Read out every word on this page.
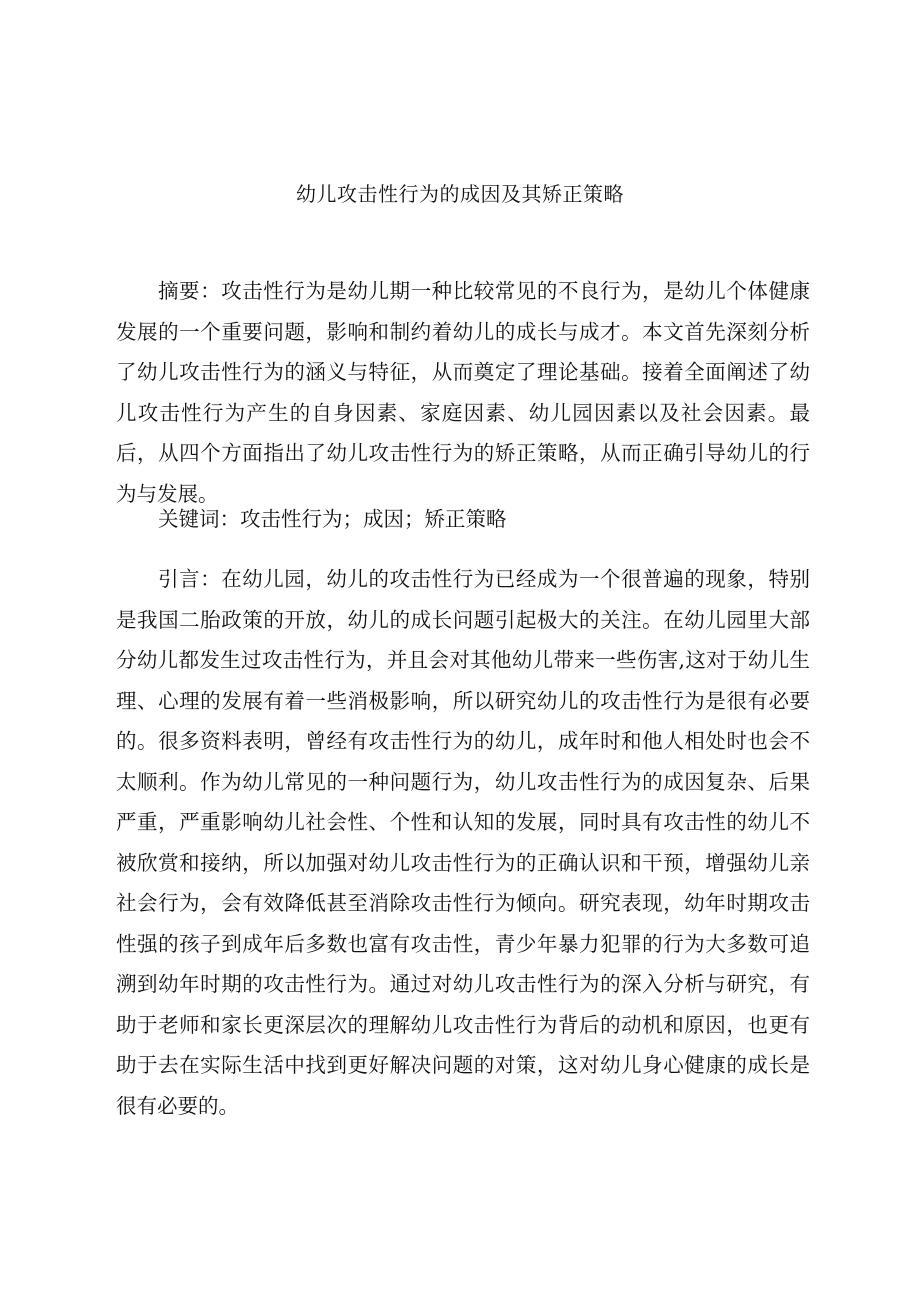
幼儿攻击性行为的成因及其矫正策略

摘要：攻击性行为是幼儿期一种比较常见的不良行为，是幼儿个体健康发展的一个重要问题，影响和制约着幼儿的成长与成才。本文首先深刻分析了幼儿攻击性行为的涵义与特征，从而奠定了理论基础。接着全面阐述了幼儿攻击性行为产生的自身因素、家庭因素、幼儿园因素以及社会因素。最后，从四个方面指出了幼儿攻击性行为的矫正策略，从而正确引导幼儿的行为与发展。

关键词：攻击性行为；成因；矫正策略

引言：在幼儿园，幼儿的攻击性行为已经成为一个很普遍的现象，特别是我国二胎政策的开放，幼儿的成长问题引起极大的关注。在幼儿园里大部分幼儿都发生过攻击性行为，并且会对其他幼儿带来一些伤害,这对于幼儿生理、心理的发展有着一些消极影响，所以研究幼儿的攻击性行为是很有必要的。很多资料表明，曾经有攻击性行为的幼儿，成年时和他人相处时也会不太顺利。作为幼儿常见的一种问题行为，幼儿攻击性行为的成因复杂、后果严重，严重影响幼儿社会性、个性和认知的发展，同时具有攻击性的幼儿不被欣赏和接纳，所以加强对幼儿攻击性行为的正确认识和干预，增强幼儿亲社会行为，会有效降低甚至消除攻击性行为倾向。研究表现，幼年时期攻击性强的孩子到成年后多数也富有攻击性，青少年暴力犯罪的行为大多数可追溯到幼年时期的攻击性行为。通过对幼儿攻击性行为的深入分析与研究，有助于老师和家长更深层次的理解幼儿攻击性行为背后的动机和原因，也更有助于去在实际生活中找到更好解决问题的对策，这对幼儿身心健康的成长是很有必要的。
